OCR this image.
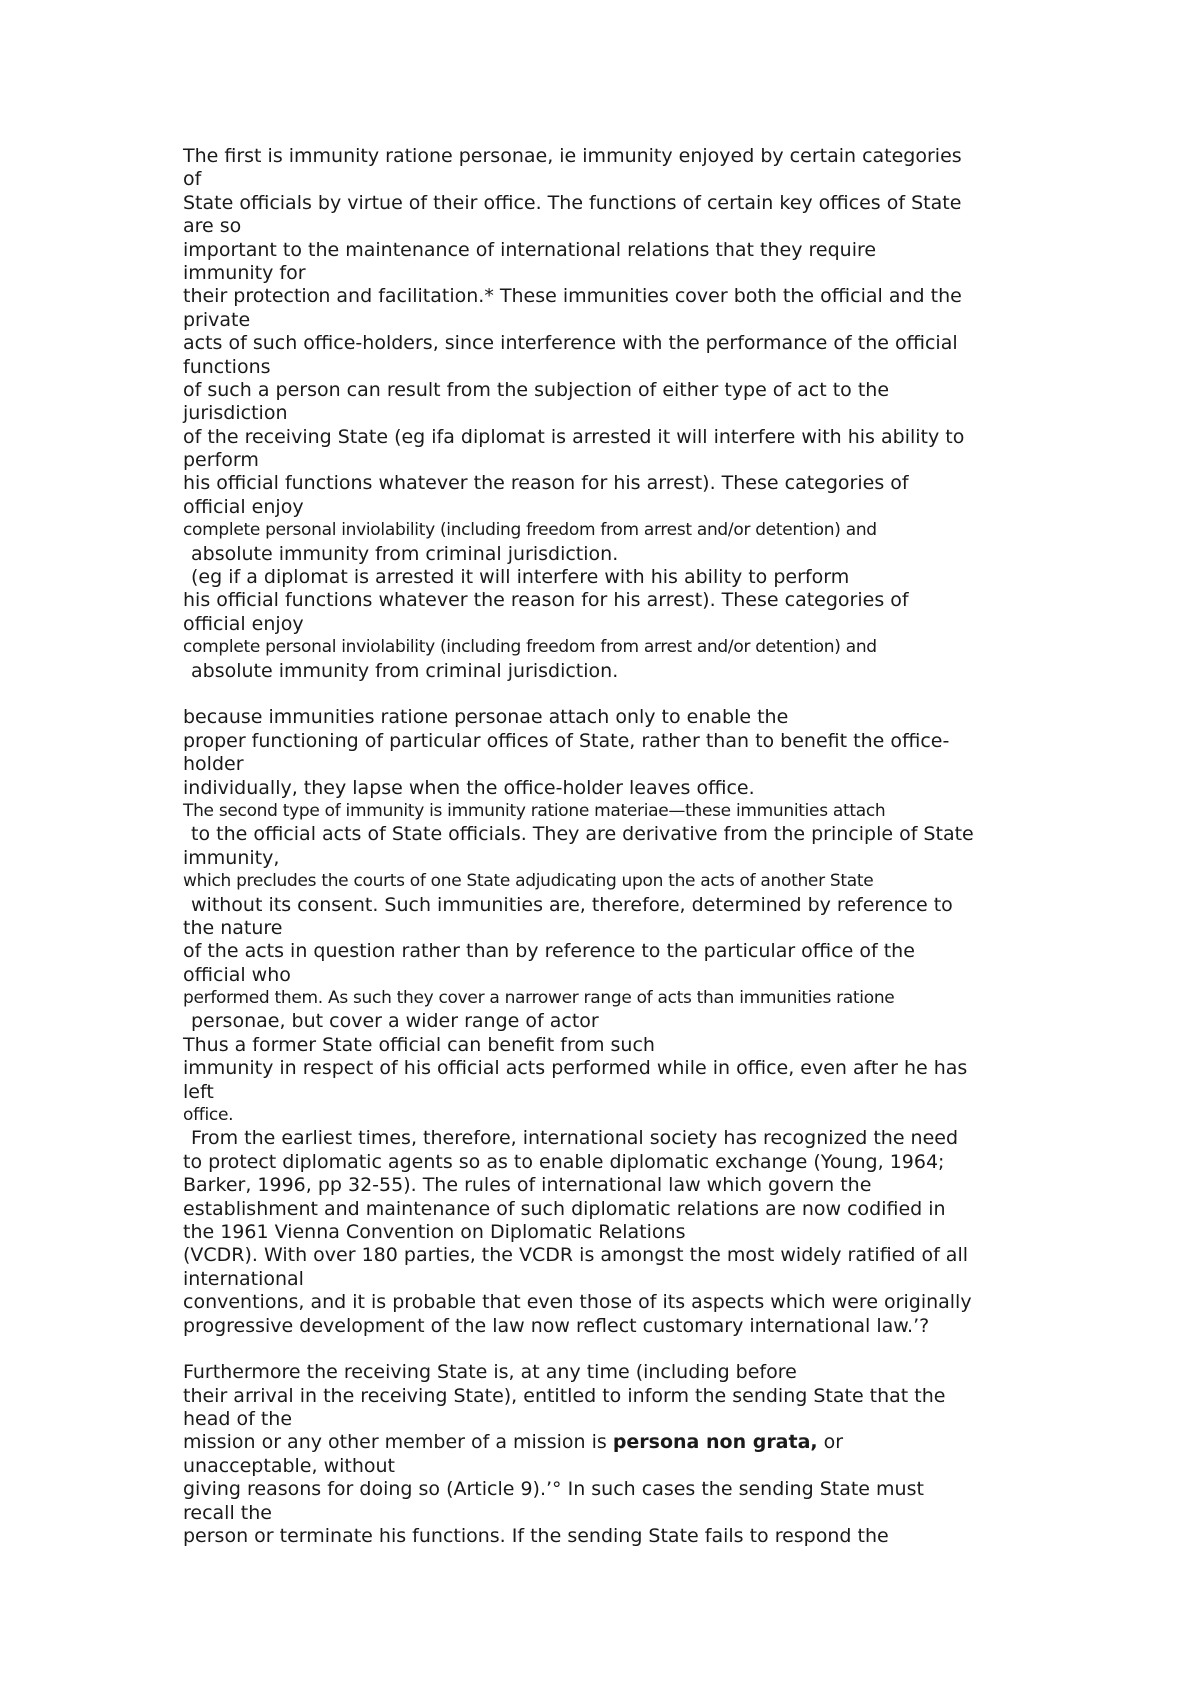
The first is immunity ratione personae, ie immunity enjoyed by certain categories
of
State officials by virtue of their office. The functions of certain key offices of State
are so
important to the maintenance of international relations that they require
immunity for
their protection and facilitation.* These immunities cover both the official and the
private
acts of such office-holders, since interference with the performance of the official
functions
of such a person can result from the subjection of either type of act to the
jurisdiction
of the receiving State (eg ifa diplomat is arrested it will interfere with his ability to
perform
his official functions whatever the reason for his arrest). These categories of
official enjoy
complete personal inviolability (including freedom from arrest and/or detention) and
absolute immunity from criminal jurisdiction.
(eg if a diplomat is arrested it will interfere with his ability to perform
his official functions whatever the reason for his arrest). These categories of
official enjoy
complete personal inviolability (including freedom from arrest and/or detention) and
absolute immunity from criminal jurisdiction.
because immunities ratione personae attach only to enable the
proper functioning of particular offices of State, rather than to benefit the office-
holder
individually, they lapse when the office-holder leaves office.
The second type of immunity is immunity ratione materiae—these immunities attach
to the official acts of State officials. They are derivative from the principle of State
immunity,
which precludes the courts of one State adjudicating upon the acts of another State
without its consent. Such immunities are, therefore, determined by reference to
the nature
of the acts in question rather than by reference to the particular office of the
official who
performed them. As such they cover a narrower range of acts than immunities ratione
personae, but cover a wider range of actor
Thus a former State official can benefit from such
immunity in respect of his official acts performed while in office, even after he has
left
office.
From the earliest times, therefore, international society has recognized the need
to protect diplomatic agents so as to enable diplomatic exchange (Young, 1964;
Barker, 1996, pp 32-55). The rules of international law which govern the
establishment and maintenance of such diplomatic relations are now codified in
the 1961 Vienna Convention on Diplomatic Relations
(VCDR). With over 180 parties, the VCDR is amongst the most widely ratified of all
international
conventions, and it is probable that even those of its aspects which were originally
progressive development of the law now reflect customary international law.’?
Furthermore the receiving State is, at any time (including before
their arrival in the receiving State), entitled to inform the sending State that the
head of the
mission or any other member of a mission is persona non grata, or
unacceptable, without
giving reasons for doing so (Article 9).’° In such cases the sending State must
recall the
person or terminate his functions. If the sending State fails to respond the
